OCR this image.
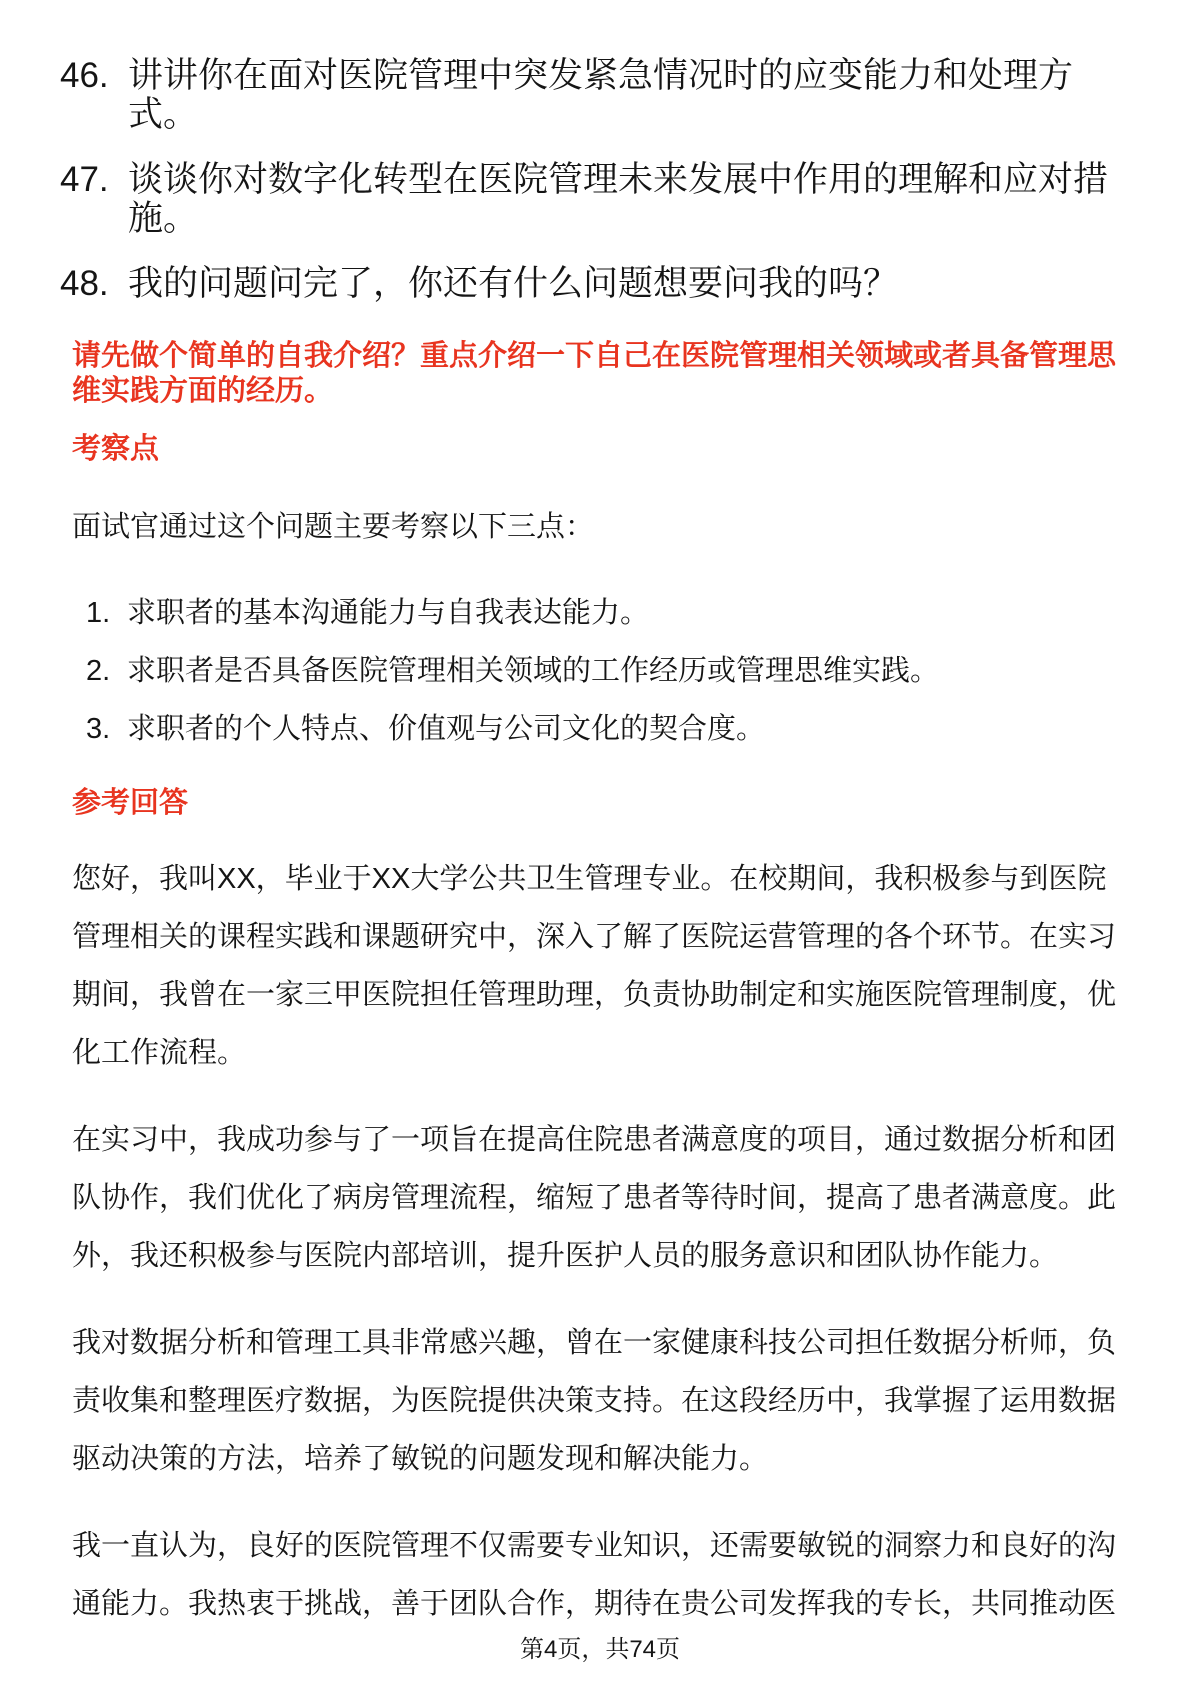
46. 讲讲你在面对医院管理中突发紧急情况时的应变能力和处理方式。
47. 谈谈你对数字化转型在医院管理未来发展中作用的理解和应对措施。
48. 我的问题问完了，你还有什么问题想要问我的吗？
请先做个简单的自我介绍？重点介绍一下自己在医院管理相关领域或者具备管理思维实践方面的经历。
考察点

面试官通过这个问题主要考察以下三点：

1. 求职者的基本沟通能力与自我表达能力。
2. 求职者是否具备医院管理相关领域的工作经历或管理思维实践。
3. 求职者的个人特点、价值观与公司文化的契合度。
参考回答

您好，我叫XX，毕业于XX大学公共卫生管理专业。在校期间，我积极参与到医院管理相关的课程实践和课题研究中，深入了解了医院运营管理的各个环节。在实习期间，我曾在一家三甲医院担任管理助理，负责协助制定和实施医院管理制度，优化工作流程。

在实习中，我成功参与了一项旨在提高住院患者满意度的项目，通过数据分析和团队协作，我们优化了病房管理流程，缩短了患者等待时间，提高了患者满意度。此外，我还积极参与医院内部培训，提升医护人员的服务意识和团队协作能力。

我对数据分析和管理工具非常感兴趣，曾在一家健康科技公司担任数据分析师，负责收集和整理医疗数据，为医院提供决策支持。在这段经历中，我掌握了运用数据驱动决策的方法，培养了敏锐的问题发现和解决能力。

我一直认为，良好的医院管理不仅需要专业知识，还需要敏锐的洞察力和良好的沟通能力。我热衷于挑战，善于团队合作，期待在贵公司发挥我的专长，共同推动医

第4页，共74页
